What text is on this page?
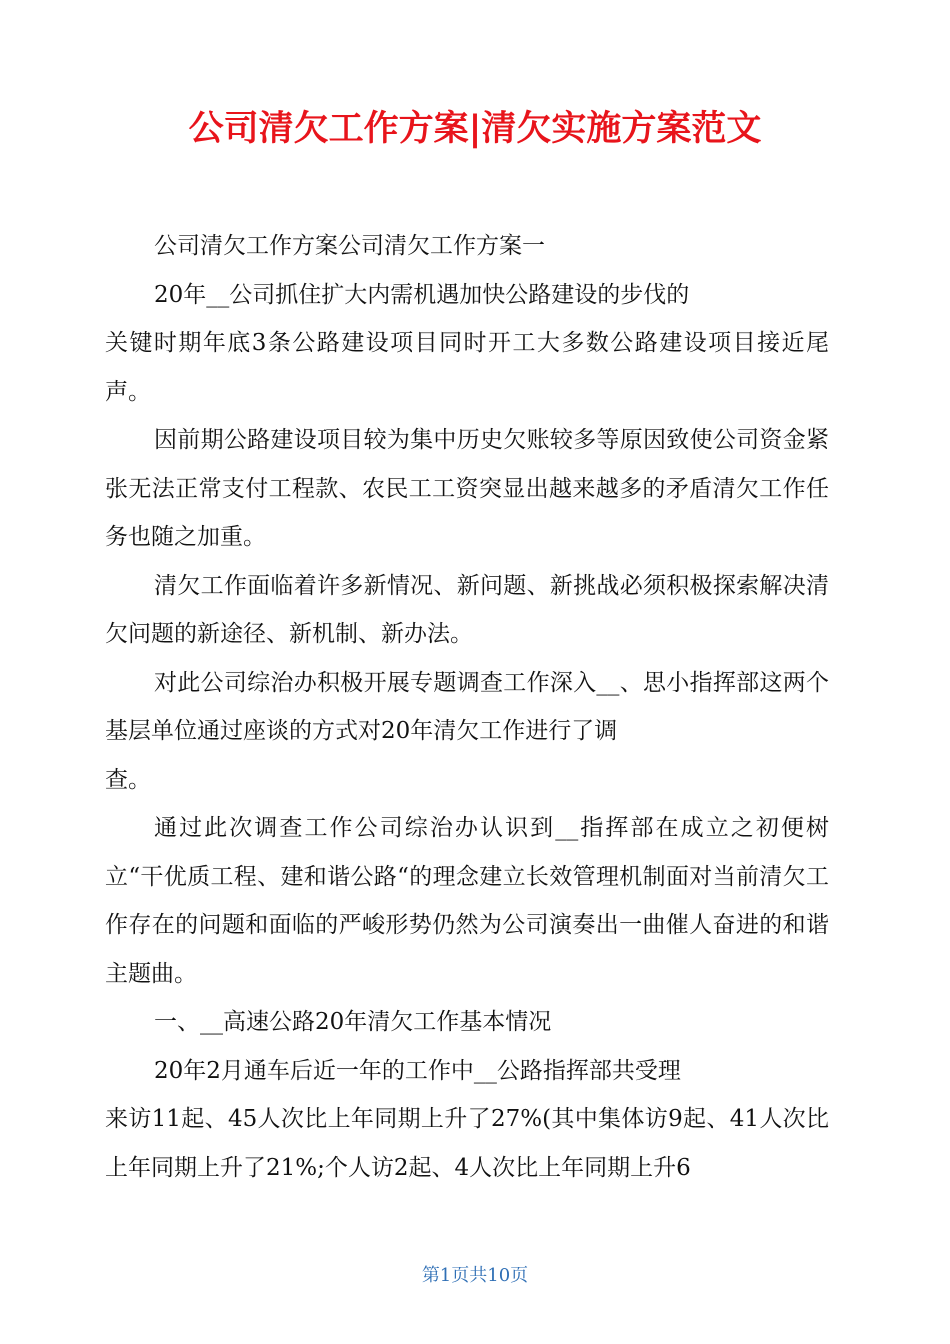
公司清欠工作方案|清欠实施方案范文

公司清欠工作方案公司清欠工作方案一

20年__公司抓住扩大内需机遇加快公路建设的步伐的

关键时期年底3条公路建设项目同时开工大多数公路建设项目接近尾声。

因前期公路建设项目较为集中历史欠账较多等原因致使公司资金紧张无法正常支付工程款、农民工工资突显出越来越多的矛盾清欠工作任务也随之加重。

清欠工作面临着许多新情况、新问题、新挑战必须积极探索解决清欠问题的新途径、新机制、新办法。

对此公司综治办积极开展专题调查工作深入__、思小指挥部这两个基层单位通过座谈的方式对20年清欠工作进行了调

查。

通过此次调查工作公司综治办认识到__指挥部在成立之初便树立“干优质工程、建和谐公路“的理念建立长效管理机制面对当前清欠工作存在的问题和面临的严峻形势仍然为公司演奏出一曲催人奋进的和谐主题曲。

一、__高速公路20年清欠工作基本情况

20年2月通车后近一年的工作中__公路指挥部共受理

来访11起、45人次比上年同期上升了27%(其中集体访9起、41人次比上年同期上升了21%;个人访2起、4人次比上年同期上升6

第1页共10页
